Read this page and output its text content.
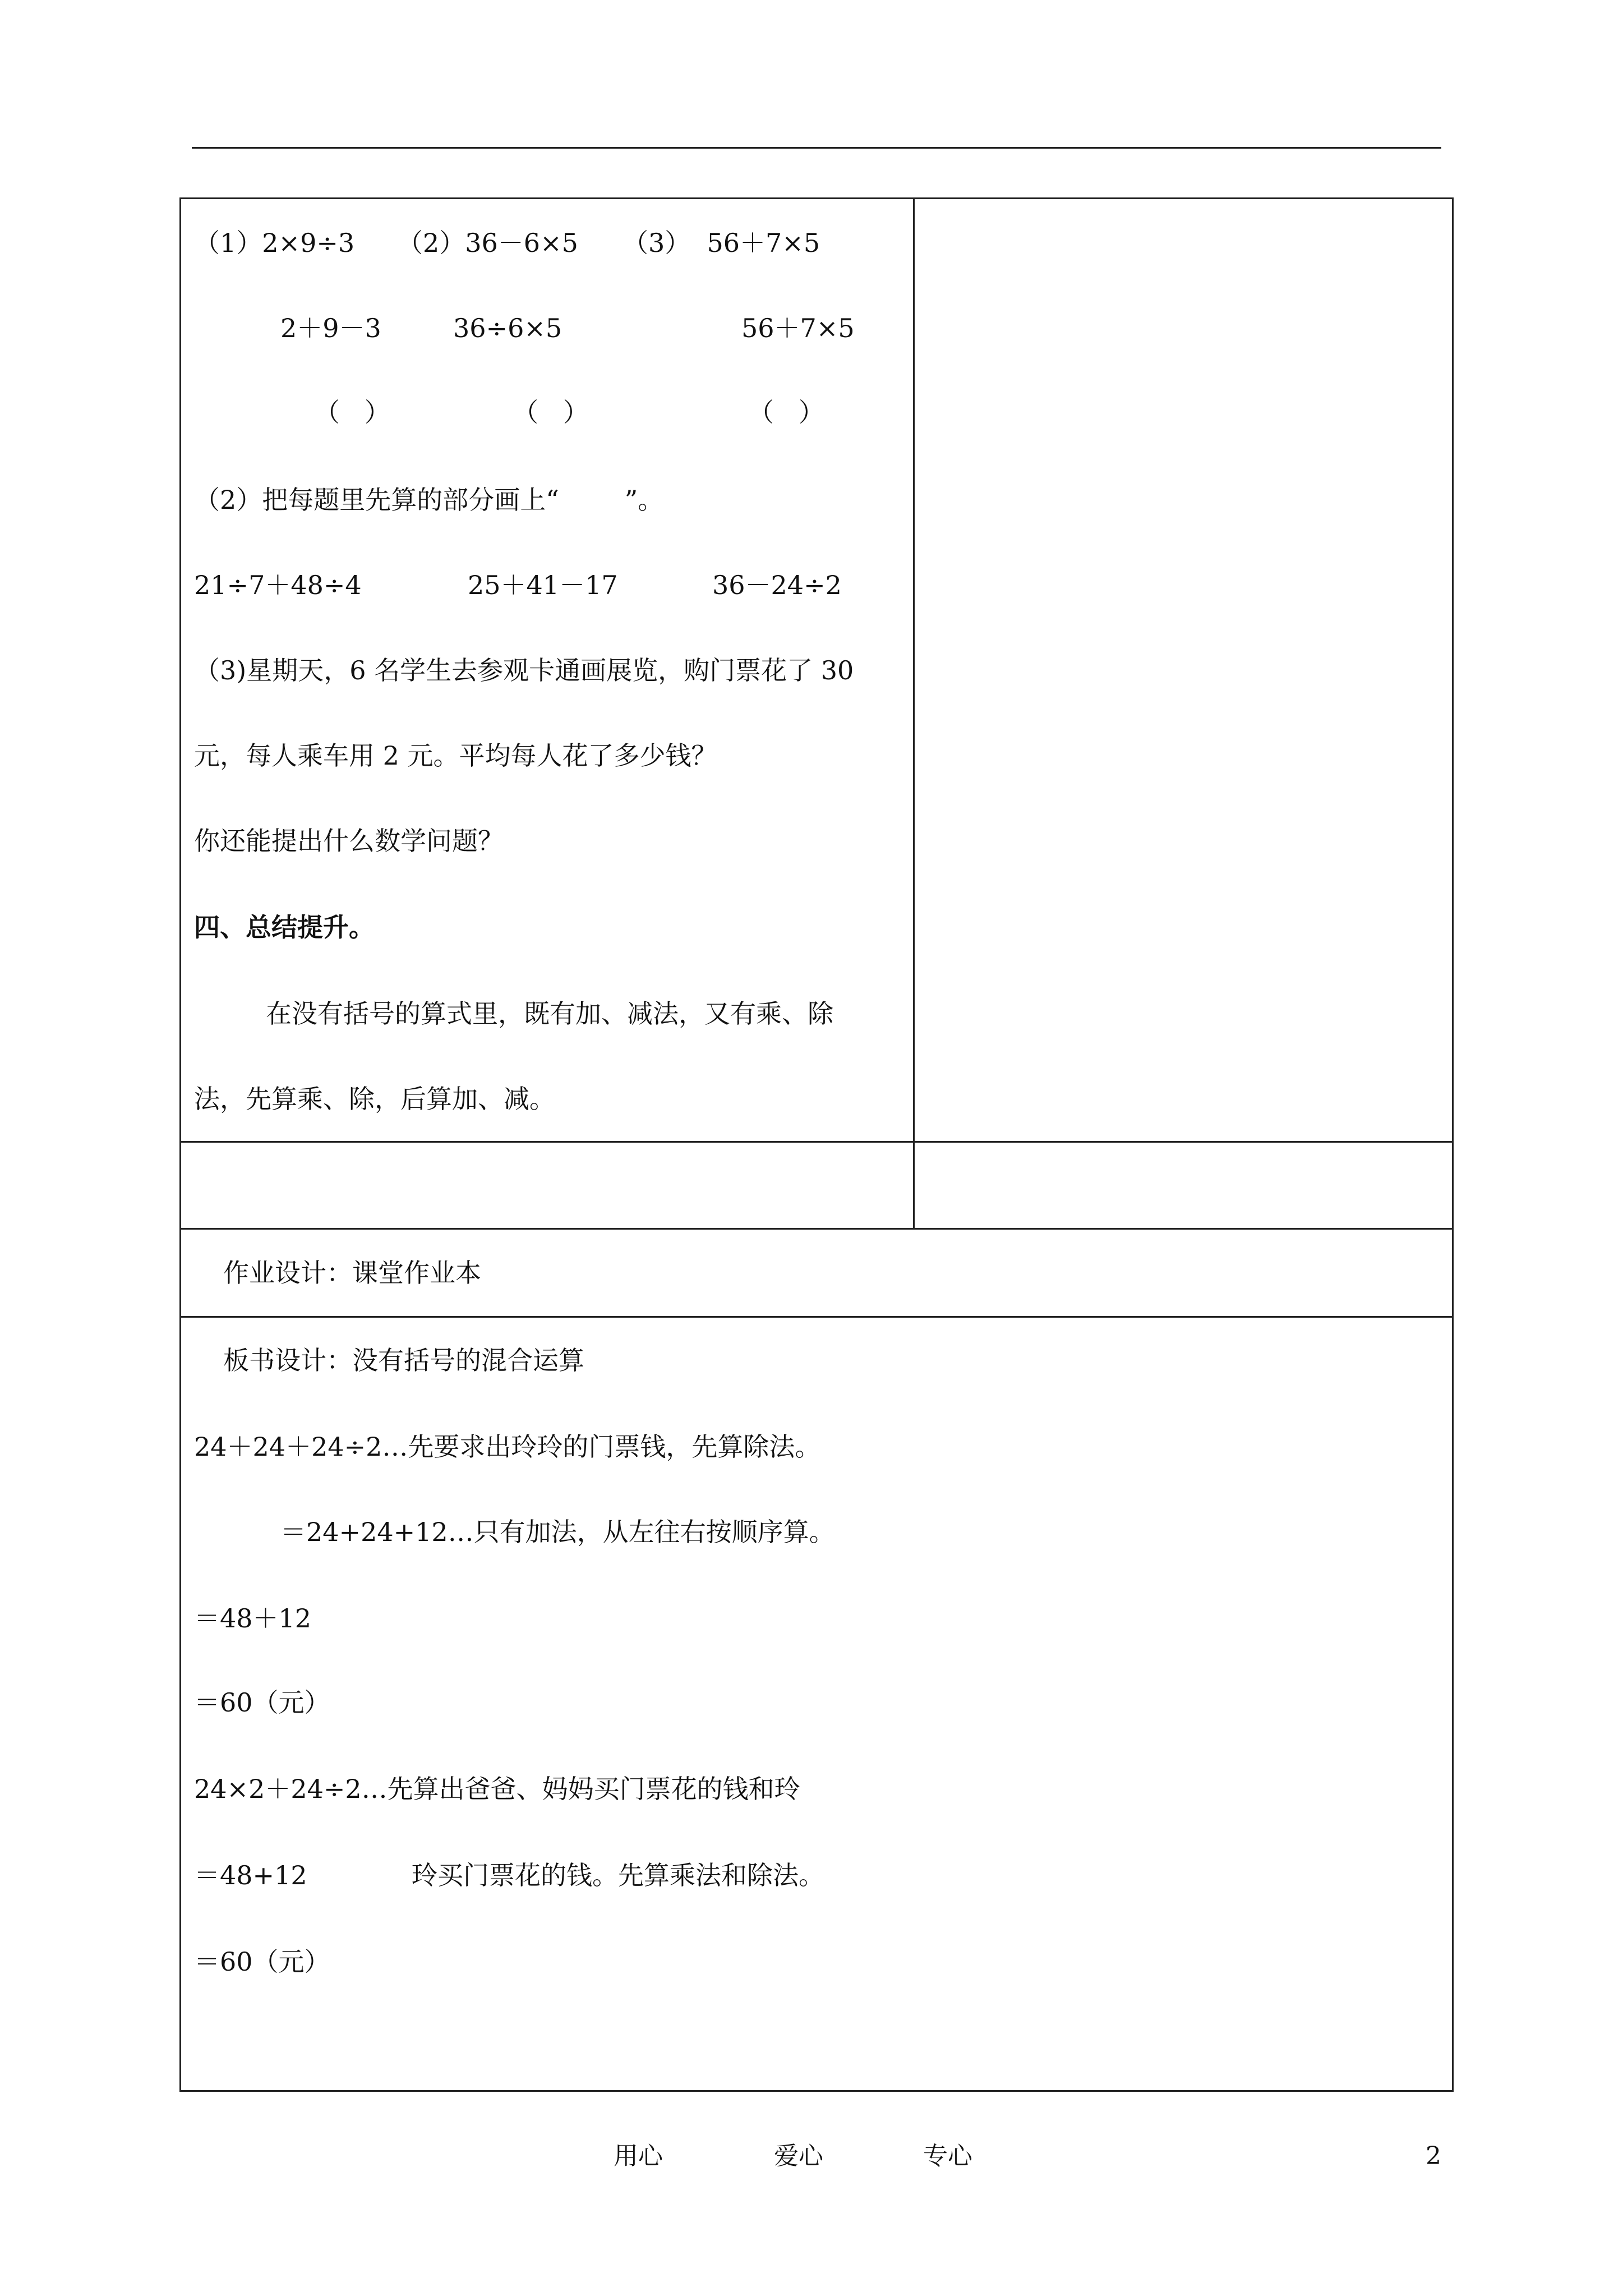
（1）2×9÷3 （2）36－6×5 （3）  56＋7×5
2＋9－3	36÷6×5	56＋7×5
（   ）	（   ）	（   ）
（2）把每题里先算的部分画上“        ”。
21÷7＋48÷4	25＋41－17	36－24÷2
（3)星期天，6 名学生去参观卡通画展览，购门票花了 30
元，每人乘车用 2 元。平均每人花了多少钱？
你还能提出什么数学问题？
四、总结提升。
在没有括号的算式里，既有加、减法，又有乘、除
法，先算乘、除，后算加、减。
作业设计：课堂作业本
板书设计：没有括号的混合运算
24＋24＋24÷2…先要求出玲玲的门票钱，先算除法。
＝24+24+12…只有加法，从左往右按顺序算。
＝48＋12
＝60（元）
24×2＋24÷2…先算出爸爸、妈妈买门票花的钱和玲
＝48+12	玲买门票花的钱。先算乘法和除法。
＝60（元）
用心	爱心	专心	2
